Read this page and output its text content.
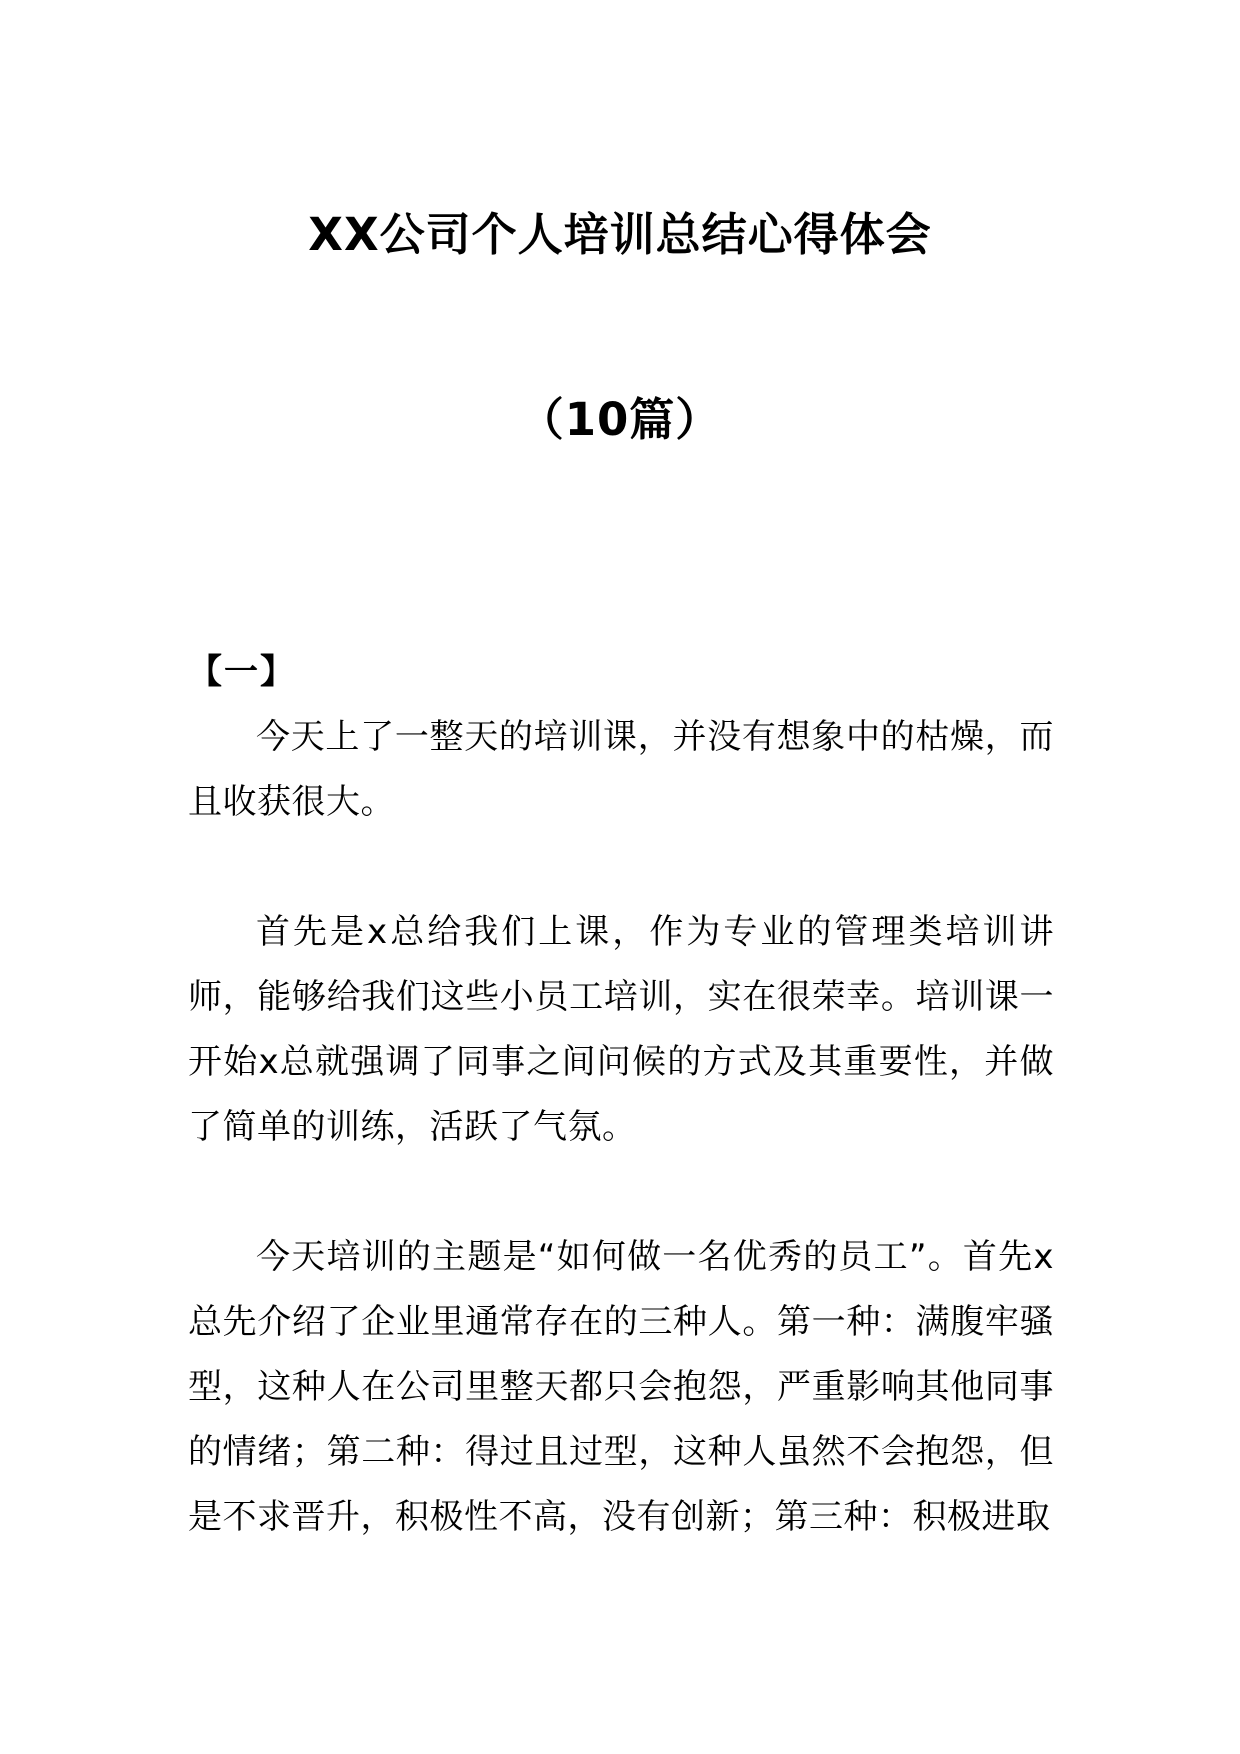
XX公司个人培训总结心得体会
（10篇）
【一】

今天上了一整天的培训课，并没有想象中的枯燥，而且收获很大。

首先是x总给我们上课，作为专业的管理类培训讲师，能够给我们这些小员工培训，实在很荣幸。培训课一开始x总就强调了同事之间问候的方式及其重要性，并做了简单的训练，活跃了气氛。

今天培训的主题是“如何做一名优秀的员工”。首先x总先介绍了企业里通常存在的三种人。第一种：满腹牢骚型，这种人在公司里整天都只会抱怨，严重影响其他同事的情绪；第二种：得过且过型，这种人虽然不会抱怨，但是不求晋升，积极性不高，没有创新；第三种：积极进取
